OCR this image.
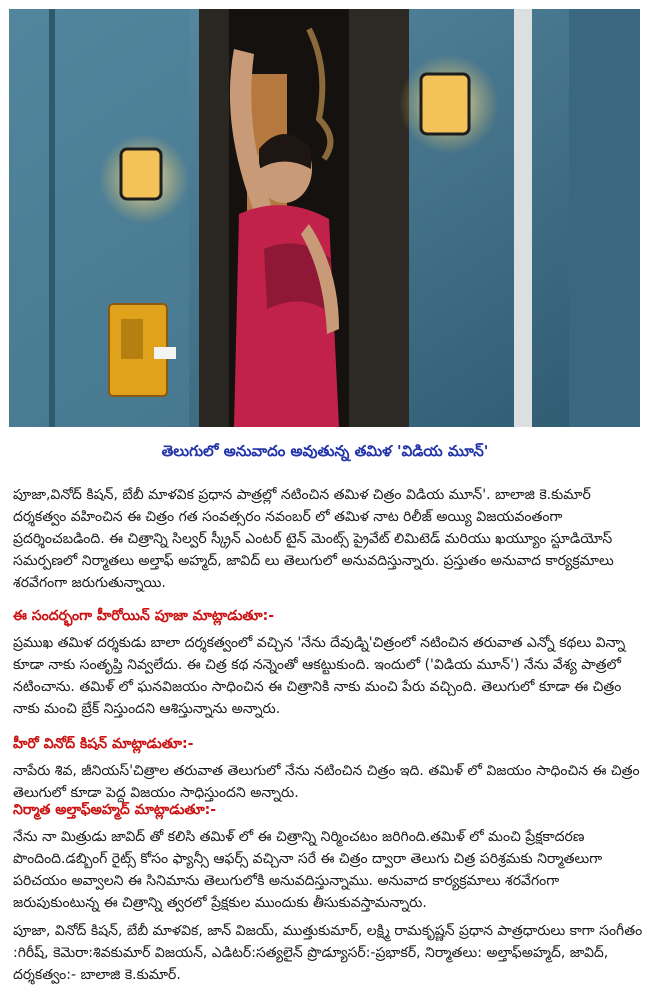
తెలుగులో అనువాదం అవుతున్న తమిళ 'విడియ మూన్'
పూజా,వినోద్ కిషన్, బేబీ మాళవిక ప్రధాన పాత్రల్లో నటించిన తమిళ చిత్రం విడియ మూన్'. బాలాజి కె.కుమార్ దర్శకత్వం వహించిన ఈ చిత్రం గత సంవత్సరం నవంబర్ లో తమిళ నాట రిలీజ్ అయ్యి విజయవంతంగా ప్రదర్శించబడింది. ఈ చిత్రాన్ని సిల్వర్ స్క్రీన్ ఎంటర్ టైన్ మెంట్స్ ప్రైవేట్ లిమిటెడ్ మరియు ఖయ్యూం స్టూడియోస్ సమర్పణలో నిర్మాతలు అల్తాఫ్ అహ్మద్, జావిద్ లు తెలుగులో అనువదిస్తున్నారు. ప్రస్తుతం అనువాద కార్యక్రమాలు శరవేగంగా జరుగుతున్నాయి.
ఈ సందర్భంగా హీరోయిన్ పూజా మాట్లాడుతూ:-
ప్రముఖ తమిళ దర్శకుడు బాలా దర్శకత్వంలో వచ్చిన 'నేను దేవుడ్ని'చిత్రంలో నటించిన తరువాత ఎన్నో కథలు విన్నా కూడా నాకు సంతృప్తి నివ్వలేదు. ఈ చిత్ర కథ నన్నెంతో ఆకట్టుకుంది. ఇందులో ('విడియ మూన్') నేను వేశ్య పాత్రలో నటించాను. తమిళ్ లో ఘనవిజయం సాధించిన ఈ చిత్రానికి నాకు మంచి పేరు వచ్చింది. తెలుగులో కూడా ఈ చిత్రం నాకు మంచి బ్రేక్ నిస్తుందని ఆశిస్తున్నాను అన్నారు.
హీరో వినోద్ కిషన్ మాట్లాడుతూ:-
నాపేరు శివ, జీనియస్'చిత్రాల తరువాత తెలుగులో నేను నటించిన చిత్రం ఇది. తమిళ్ లో విజయం సాధించిన ఈ చిత్రం తెలుగులో కూడా పెద్ద విజయం సాధిస్తుందని అన్నారు.
నిర్మాత అల్తాఫ్అహ్మద్ మాట్లాడుతూ:-
నేను నా మిత్రుడు జావిద్ తో కలిసి తమిళ్ లో ఈ చిత్రాన్ని నిర్మించటం జరిగింది.తమిళ్ లో మంచి ప్రేక్షకాదరణ పొందింది.డబ్బింగ్ రైట్స్ కోసం ఫ్యాన్సీ ఆఫర్స్ వచ్చినా సరే ఈ చిత్రం ద్వారా తెలుగు చిత్ర పరిశ్రమకు నిర్మాతలుగా పరిచయం అవ్వాలని ఈ సినిమాను తెలుగులోకి అనువదిస్తున్నాము. అనువాద కార్యక్రమాలు శరవేగంగా జరుపుకుంటున్న ఈ చిత్రాన్ని త్వరలో ప్రేక్షకుల ముందుకు తీసుకువస్తామన్నారు.
పూజా, వినోద్ కిషన్, బేబీ మాళవిక, జాన్ విజయ్, ముత్తుకుమార్, లక్ష్మి రామకృష్ణన్ ప్రధాన పాత్రధారులు కాగా సంగీతం :గిరీష్, కెమెరా:శివకుమార్ విజయన్, ఎడిటర్:సత్యలైన్ ప్రొడ్యూసర్:-ప్రభాకర్, నిర్మాతలు: అల్తాఫ్అహ్మద్, జావిద్, దర్శకత్వం:- బాలాజి కె.కుమార్.
